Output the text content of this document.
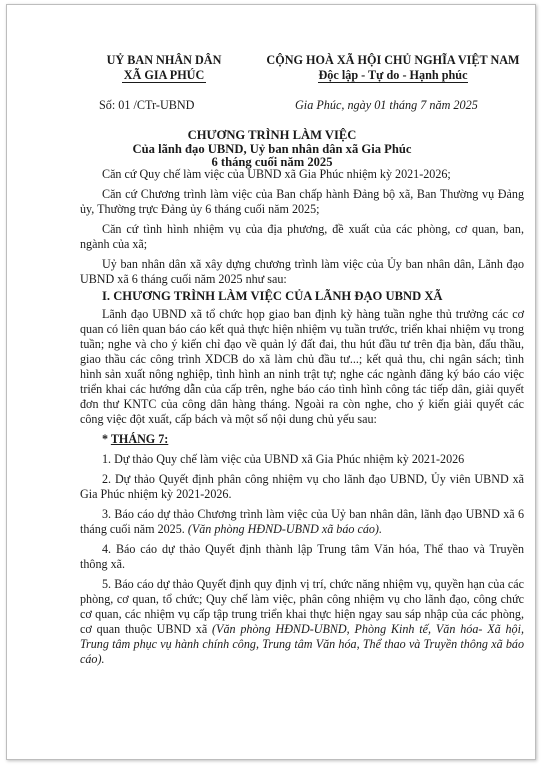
UỶ BAN NHÂN DÂN
XÃ GIA PHÚC
CỘNG HOÀ XÃ HỘI CHỦ NGHĨA VIỆT NAM
Độc lập - Tự do - Hạnh phúc
Số: 01 /CTr-UBND	Gia Phúc, ngày 01 tháng 7 năm 2025
CHƯƠNG TRÌNH LÀM VIỆC
Của lãnh đạo UBND, Uỷ ban nhân dân xã Gia Phúc
6 tháng cuối năm 2025

Căn cứ Quy chế làm việc của UBND xã Gia Phúc nhiệm kỳ 2021-2026;

Căn cứ Chương trình làm việc của Ban chấp hành Đảng bộ xã, Ban Thường vụ Đảng ủy, Thường trực Đảng ủy 6 tháng cuối năm 2025;

Căn cứ tình hình nhiệm vụ của địa phương, đề xuất của các phòng, cơ quan, ban, ngành của xã;

Uỷ ban nhân dân xã xây dựng chương trình làm việc của Ủy ban nhân dân, Lãnh đạo UBND xã 6 tháng cuối năm 2025 như sau:

I. CHƯƠNG TRÌNH LÀM VIỆC CỦA LÃNH ĐẠO UBND XÃ

Lãnh đạo UBND xã tổ chức họp giao ban định kỳ hàng tuần nghe thủ trưởng các cơ quan có liên quan báo cáo kết quả thực hiện nhiệm vụ tuần trước, triển khai nhiệm vụ trong tuần; nghe và cho ý kiến chỉ đạo về quản lý đất đai, thu hút đầu tư trên địa bàn, đấu thầu, giao thầu các công trình XDCB do xã làm chủ đầu tư...; kết quả thu, chi ngân sách; tình hình sản xuất nông nghiệp, tình hình an ninh trật tự; nghe các ngành đăng ký báo cáo việc triển khai các hướng dẫn của cấp trên, nghe báo cáo tình hình công tác tiếp dân, giải quyết đơn thư KNTC của công dân hàng tháng. Ngoài ra còn nghe, cho ý kiến giải quyết các công việc đột xuất, cấp bách và một số nội dung chủ yếu sau:

* THÁNG 7:

1. Dự thảo Quy chế làm việc của UBND xã Gia Phúc nhiệm kỳ 2021-2026

2. Dự thảo Quyết định phân công nhiệm vụ cho lãnh đạo UBND, Ủy viên UBND xã Gia Phúc nhiệm kỳ 2021-2026.

3. Báo cáo dự thảo Chương trình làm việc của Uỷ ban nhân dân, lãnh đạo UBND xã 6 tháng cuối năm 2025. (Văn phòng HĐND-UBND xã báo cáo).

4. Báo cáo dự thảo Quyết định thành lập Trung tâm Văn hóa, Thể thao và Truyền thông xã.

5. Báo cáo dự thảo Quyết định quy định vị trí, chức năng nhiệm vụ, quyền hạn của các phòng, cơ quan, tổ chức; Quy chế làm việc, phân công nhiệm vụ cho lãnh đạo, công chức cơ quan, các nhiệm vụ cấp tập trung triển khai thực hiện ngay sau sáp nhập của các phòng, cơ quan thuộc UBND xã (Văn phòng HĐND-UBND, Phòng Kinh tế, Văn hóa- Xã hội, Trung tâm phục vụ hành chính công, Trung tâm Văn hóa, Thể thao và Truyền thông xã báo cáo).
